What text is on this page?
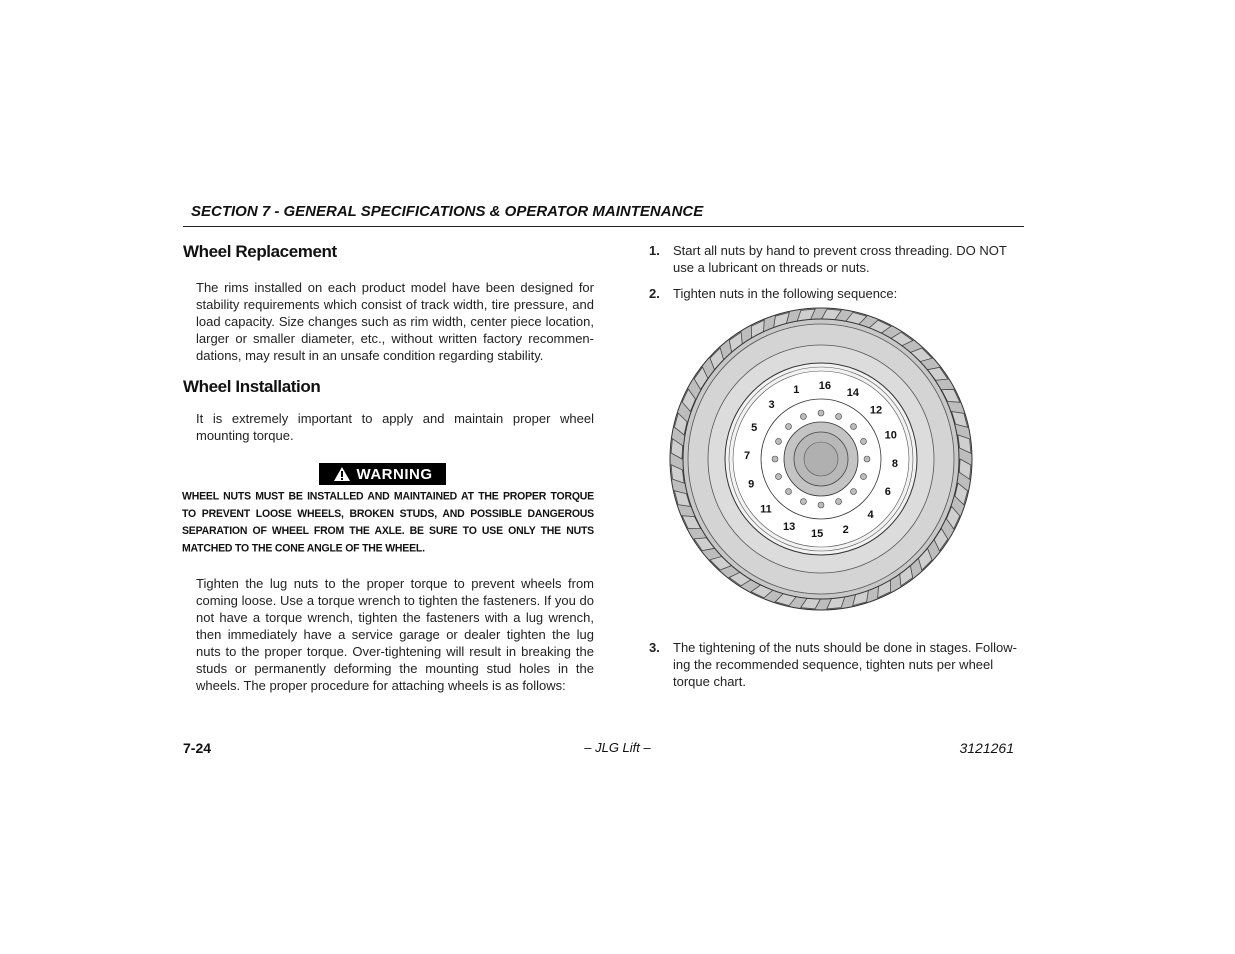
SECTION 7 - GENERAL SPECIFICATIONS & OPERATOR MAINTENANCE
Wheel Replacement
The rims installed on each product model have been designed for stability requirements which consist of track width, tire pressure, and load capacity. Size changes such as rim width, center piece location, larger or smaller diameter, etc., without written factory recommen-dations, may result in an unsafe condition regarding stability.
Wheel Installation
It is extremely important to apply and maintain proper wheel mounting torque.
WARNING
WHEEL NUTS MUST BE INSTALLED AND MAINTAINED AT THE PROPER TORQUE TO PREVENT LOOSE WHEELS, BROKEN STUDS, AND POSSIBLE DANGEROUS SEPARATION OF WHEEL FROM THE AXLE. BE SURE TO USE ONLY THE NUTS MATCHED TO THE CONE ANGLE OF THE WHEEL.
Tighten the lug nuts to the proper torque to prevent wheels from coming loose. Use a torque wrench to tighten the fasteners. If you do not have a torque wrench, tighten the fasteners with a lug wrench, then immediately have a service garage or dealer tighten the lug nuts to the proper torque. Over-tightening will result in breaking the studs or permanently deforming the mounting stud holes in the wheels. The proper procedure for attaching wheels is as follows:
1. Start all nuts by hand to prevent cross threading. DO NOT use a lubricant on threads or nuts.
2. Tighten nuts in the following sequence:
3. The tightening of the nuts should be done in stages. Follow-ing the recommended sequence, tighten nuts per wheel torque chart.
1 16
14
12
10
8
6
4
2
15
13
11
9
7
5
3
7-24	– JLG Lift –	3121261
